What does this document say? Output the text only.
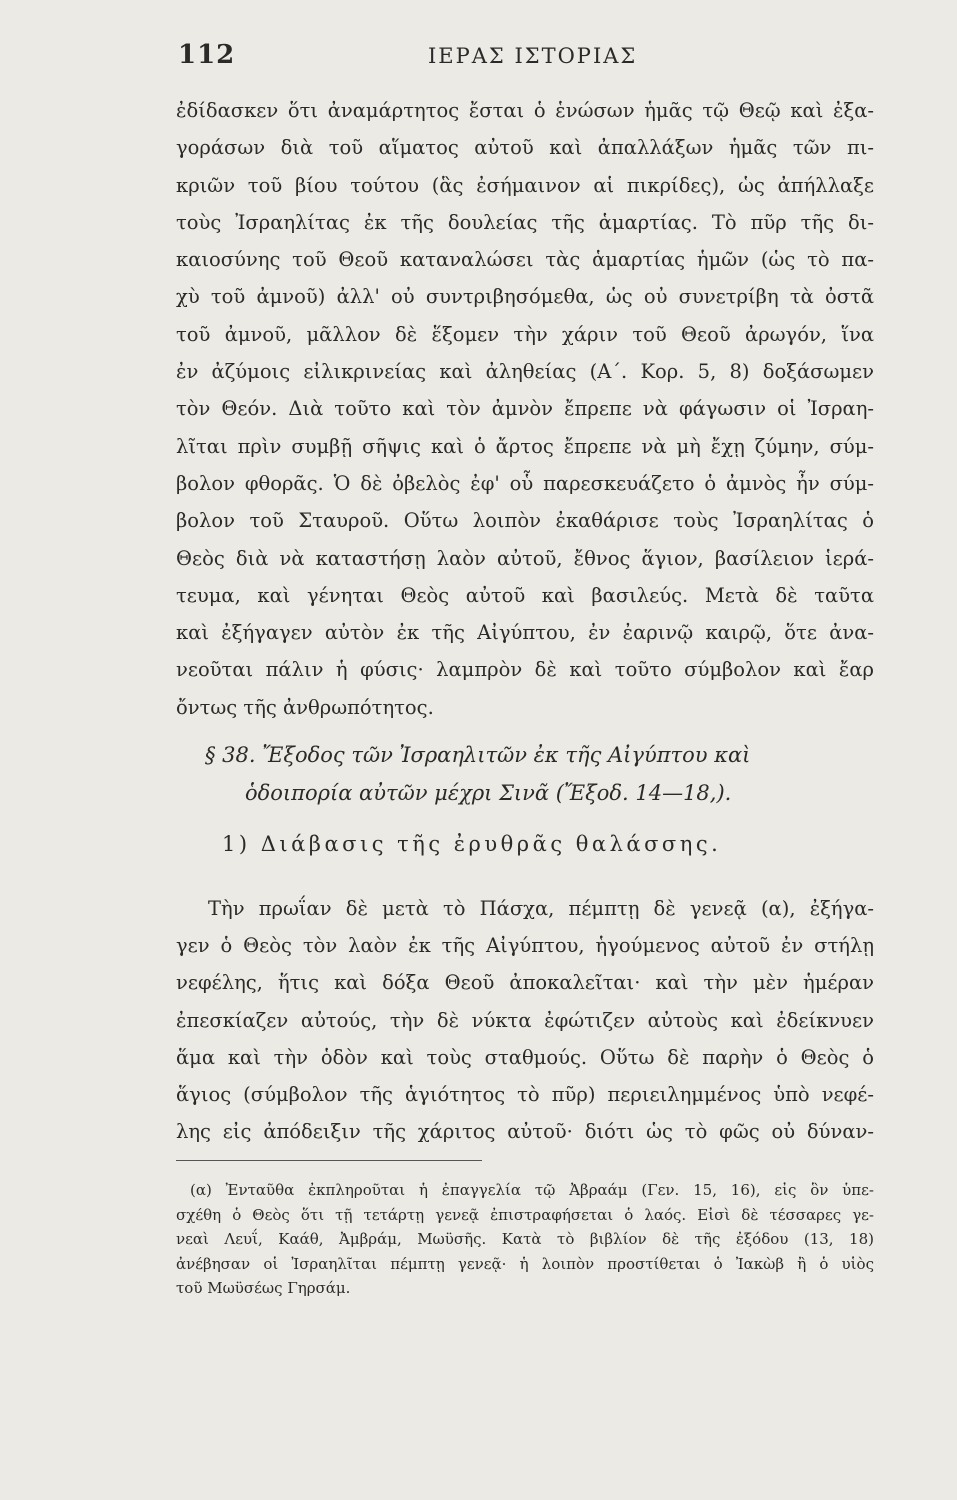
112	ΙΕΡΑΣ ΙΣΤΟΡΙΑΣ
ἐδίδασκεν ὅτι ἀναμάρτητος ἔσται ὁ ἑνώσων ἡμᾶς τῷ Θεῷ καὶ ἐξα-
γοράσων διὰ τοῦ αἵματος αὐτοῦ καὶ ἀπαλλάξων ἡμᾶς τῶν πι-
κριῶν τοῦ βίου τούτου (ἃς ἐσήμαινον αἱ πικρίδες), ὡς ἀπήλλαξε
τοὺς Ἰσραηλίτας ἐκ τῆς δουλείας τῆς ἁμαρτίας. Τὸ πῦρ τῆς δι-
καιοσύνης τοῦ Θεοῦ καταναλώσει τὰς ἁμαρτίας ἡμῶν (ὡς τὸ πα-
χὺ τοῦ ἀμνοῦ) ἀλλ' οὐ συντριβησόμεθα, ὡς οὐ συνετρίβη τὰ ὀστᾶ
τοῦ ἀμνοῦ, μᾶλλον δὲ ἕξομεν τὴν χάριν τοῦ Θεοῦ ἀρωγόν, ἵνα
ἐν ἀζύμοις εἰλικρινείας καὶ ἀληθείας (Α΄. Κορ. 5, 8) δοξάσωμεν
τὸν Θεόν. Διὰ τοῦτο καὶ τὸν ἀμνὸν ἔπρεπε νὰ φάγωσιν οἱ Ἰσραη-
λῖται πρὶν συμβῇ σῆψις καὶ ὁ ἄρτος ἔπρεπε νὰ μὴ ἔχῃ ζύμην, σύμ-
βολον φθορᾶς. Ὁ δὲ ὀβελὸς ἐφ' οὗ παρεσκευάζετο ὁ ἀμνὸς ἦν σύμ-
βολον τοῦ Σταυροῦ. Οὕτω λοιπὸν ἐκαθάρισε τοὺς Ἰσραηλίτας ὁ
Θεὸς διὰ νὰ καταστήσῃ λαὸν αὐτοῦ, ἔθνος ἅγιον, βασίλειον ἱερά-
τευμα, καὶ γένηται Θεὸς αὐτοῦ καὶ βασιλεύς. Μετὰ δὲ ταῦτα
καὶ ἐξήγαγεν αὐτὸν ἐκ τῆς Αἰγύπτου, ἐν ἐαρινῷ καιρῷ, ὅτε ἀνα-
νεοῦται πάλιν ἡ φύσις· λαμπρὸν δὲ καὶ τοῦτο σύμβολον καὶ ἔαρ
ὄντως τῆς ἀνθρωπότητος.
§ 38. Ἔξοδος τῶν Ἰσραηλιτῶν ἐκ τῆς Αἰγύπτου καὶ
ὁδοιπορία αὐτῶν μέχρι Σινᾶ (Ἔξοδ. 14—18,).
1) Διάβασις τῆς ἐρυθρᾶς θαλάσσης.
Τὴν πρωΐαν δὲ μετὰ τὸ Πάσχα, πέμπτῃ δὲ γενεᾷ (α), ἐξήγα-
γεν ὁ Θεὸς τὸν λαὸν ἐκ τῆς Αἰγύπτου, ἡγούμενος αὐτοῦ ἐν στήλῃ
νεφέλης, ἥτις καὶ δόξα Θεοῦ ἀποκαλεῖται· καὶ τὴν μὲν ἡμέραν
ἐπεσκίαζεν αὐτούς, τὴν δὲ νύκτα ἐφώτιζεν αὐτοὺς καὶ ἐδείκνυεν
ἅμα καὶ τὴν ὁδὸν καὶ τοὺς σταθμούς. Οὕτω δὲ παρὴν ὁ Θεὸς ὁ
ἅγιος (σύμβολον τῆς ἁγιότητος τὸ πῦρ) περιειλημμένος ὑπὸ νεφέ-
λης εἰς ἀπόδειξιν τῆς χάριτος αὐτοῦ· διότι ὡς τὸ φῶς οὐ δύναν-
(α) Ἐνταῦθα ἐκπληροῦται ἡ ἐπαγγελία τῷ Ἀβραάμ (Γεν. 15, 16), εἰς ὃν ὑπε-
σχέθη ὁ Θεὸς ὅτι τῇ τετάρτῃ γενεᾷ ἐπιστραφήσεται ὁ λαός. Εἰσὶ δὲ τέσσαρες γε-
νεαὶ Λευΐ, Καάθ, Ἀμβράμ, Μωϋσῆς. Κατὰ τὸ βιβλίον δὲ τῆς ἐξόδου (13, 18)
ἀνέβησαν οἱ Ἰσραηλῖται πέμπτῃ γενεᾷ· ἡ λοιπὸν προστίθεται ὁ Ἰακὼβ ἢ ὁ υἱὸς
τοῦ Μωϋσέως Γηρσάμ.
